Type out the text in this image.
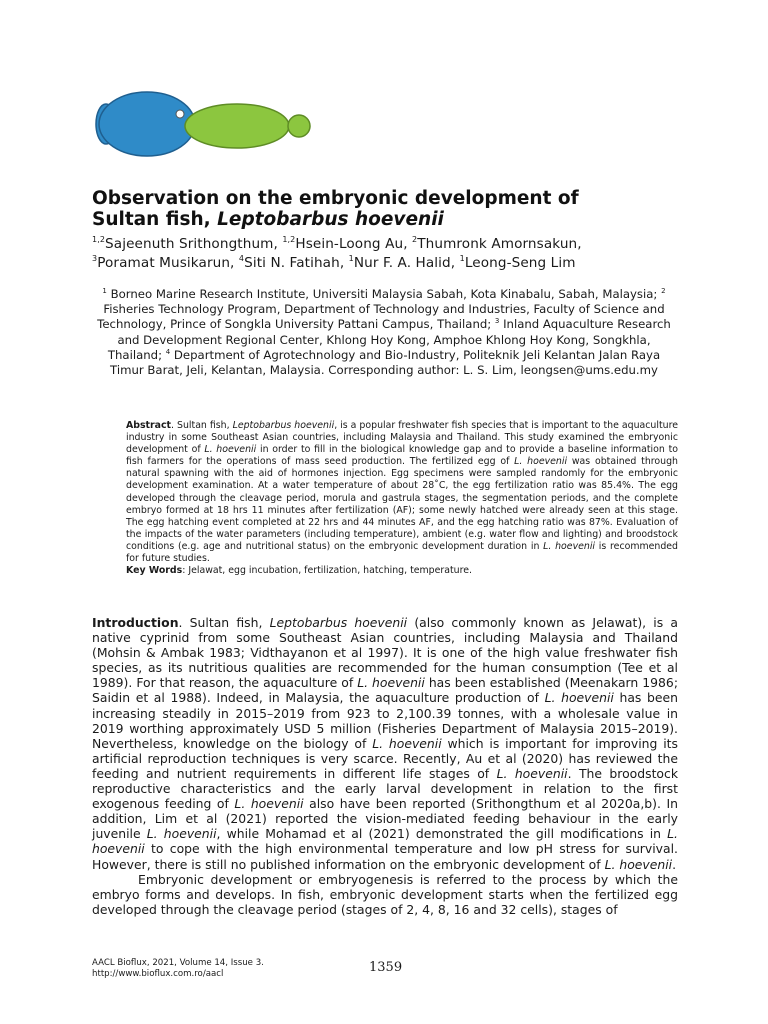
Observation on the embryonic development of
Sultan fish, Leptobarbus hoevenii
$^{1,2}$Sajeenuth Srithongthum, $^{1,2}$Hsein-Loong Au, $^2$Thumronk Amornsakun,
$^3$Poramat Musikarun, $^4$Siti N. Fatihah, $^1$Nur F. A. Halid, $^1$Leong-Seng Lim
$^1$ Borneo Marine Research Institute, Universiti Malaysia Sabah, Kota Kinabalu, Sabah, Malaysia; $^2$ Fisheries Technology Program, Department of Technology and Industries, Faculty of Science and Technology, Prince of Songkla University Pattani Campus, Thailand; $^3$ Inland Aquaculture Research and Development Regional Center, Khlong Hoy Kong, Amphoe Khlong Hoy Kong, Songkhla, Thailand; $^4$ Department of Agrotechnology and Bio-Industry, Politeknik Jeli Kelantan Jalan Raya Timur Barat, Jeli, Kelantan, Malaysia. Corresponding author: L. S. Lim, leongsen@ums.edu.my
Abstract. Sultan fish, Leptobarbus hoevenii, is a popular freshwater fish species that is important to the aquaculture industry in some Southeast Asian countries, including Malaysia and Thailand. This study examined the embryonic development of L. hoevenii in order to fill in the biological knowledge gap and to provide a baseline information to fish farmers for the operations of mass seed production. The fertilized egg of L. hoevenii was obtained through natural spawning with the aid of hormones injection. Egg specimens were sampled randomly for the embryonic development examination. At a water temperature of about 28˚C, the egg fertilization ratio was 85.4%. The egg developed through the cleavage period, morula and gastrula stages, the segmentation periods, and the complete embryo formed at 18 hrs 11 minutes after fertilization (AF); some newly hatched were already seen at this stage. The egg hatching event completed at 22 hrs and 44 minutes AF, and the egg hatching ratio was 87%. Evaluation of the impacts of the water parameters (including temperature), ambient (e.g. water flow and lighting) and broodstock conditions (e.g. age and nutritional status) on the embryonic development duration in L. hoevenii is recommended for future studies.
Key Words: Jelawat, egg incubation, fertilization, hatching, temperature.

Introduction. Sultan fish, Leptobarbus hoevenii (also commonly known as Jelawat), is a native cyprinid from some Southeast Asian countries, including Malaysia and Thailand (Mohsin & Ambak 1983; Vidthayanon et al 1997). It is one of the high value freshwater fish species, as its nutritious qualities are recommended for the human consumption (Tee et al 1989). For that reason, the aquaculture of L. hoevenii has been established (Meenakarn 1986; Saidin et al 1988). Indeed, in Malaysia, the aquaculture production of L. hoevenii has been increasing steadily in 2015–2019 from 923 to 2,100.39 tonnes, with a wholesale value in 2019 worthing approximately USD 5 million (Fisheries Department of Malaysia 2015–2019). Nevertheless, knowledge on the biology of L. hoevenii which is important for improving its artificial reproduction techniques is very scarce. Recently, Au et al (2020) has reviewed the feeding and nutrient requirements in different life stages of L. hoevenii. The broodstock reproductive characteristics and the early larval development in relation to the first exogenous feeding of L. hoevenii also have been reported (Srithongthum et al 2020a,b). In addition, Lim et al (2021) reported the vision-mediated feeding behaviour in the early juvenile L. hoevenii, while Mohamad et al (2021) demonstrated the gill modifications in L. hoevenii to cope with the high environmental temperature and low pH stress for survival. However, there is still no published information on the embryonic development of L. hoevenii.

Embryonic development or embryogenesis is referred to the process by which the embryo forms and develops. In fish, embryonic development starts when the fertilized egg developed through the cleavage period (stages of 2, 4, 8, 16 and 32 cells), stages of

AACL Bioflux, 2021, Volume 14, Issue 3.
http://www.bioflux.com.ro/aacl	1359
